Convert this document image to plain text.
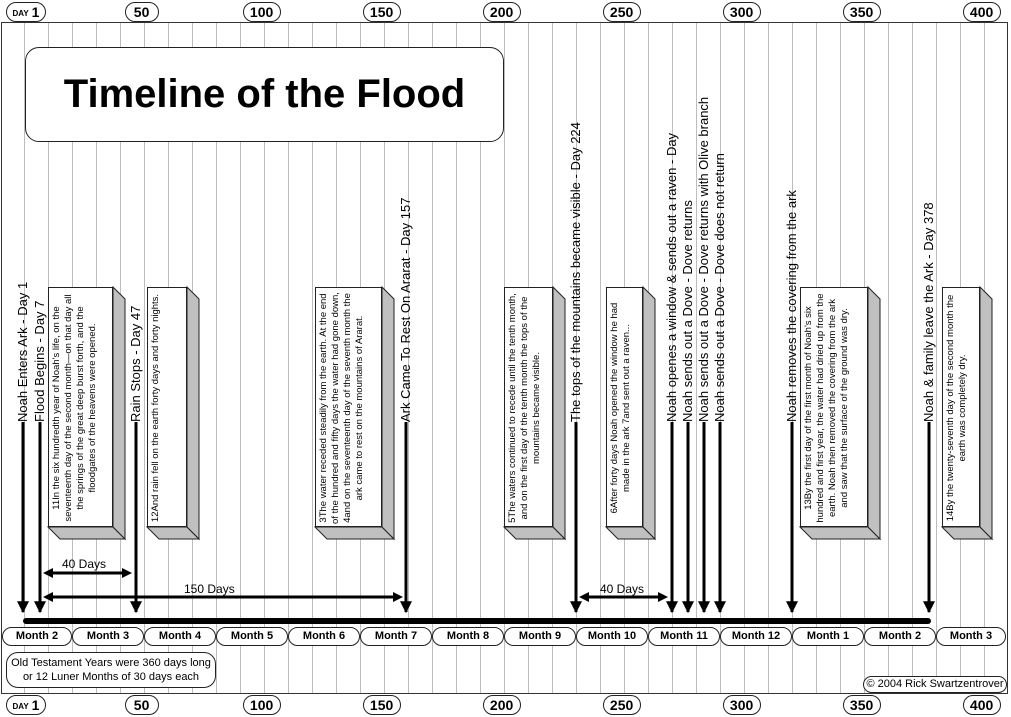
DAY 1	50	100	150	200	250	300	350	400
DAY 1	50	100	150	200	250	300	350	400
Timeline of the Flood
11In the six hundredth year of Noah's life, on the seventeenth day of the second month—on that day all the springs of the great deep burst forth, and the floodgates of the heavens were opened.	12And rain fell on the earth forty days and forty nights.	3The water receded steadily from the earth. At the end of the hundred and fifty days the water had gone down, 4and on the seventeenth day of the seventh month the ark came to rest on the mountains of Ararat.	5The waters continued to recede until the tenth month, and on the first day of the tenth month the tops of the mountains became visible.	6After forty days Noah opened the window he had made in the ark 7and sent out a raven...	13By the first day of the first month of Noah's six hundred and first year, the water had dried up from the earth. Noah then removed the covering from the ark and saw that the surface of the ground was dry.	14By the twenty-seventh day of the second month the earth was completely dry.
Noah Enters Ark - Day 1 Flood Begins - Day 7	Rain Stops - Day 47	Ark Came To Rest On Ararat - Day 157	The tops of the mountains became visible - Day 224	Noah openes a window & sends out a raven - Day Noah sends out a Dove - Dove returns Noah sends out a Dove - Dove returns with Olive branch Noah sends out a Dove - Dove does not return	Noah removes the covering from the ark	Noah & family leave the Ark - Day 378
40 Days
150 Days	40 Days
Month 2	Month 3	Month 4	Month 5	Month 6	Month 7	Month 8	Month 9	Month 10	Month 11	Month 12	Month 1	Month 2	Month 3
Old Testament Years were 360 days long or 12 Luner Months of 30 days each
© 2004 Rick Swartzentrover
